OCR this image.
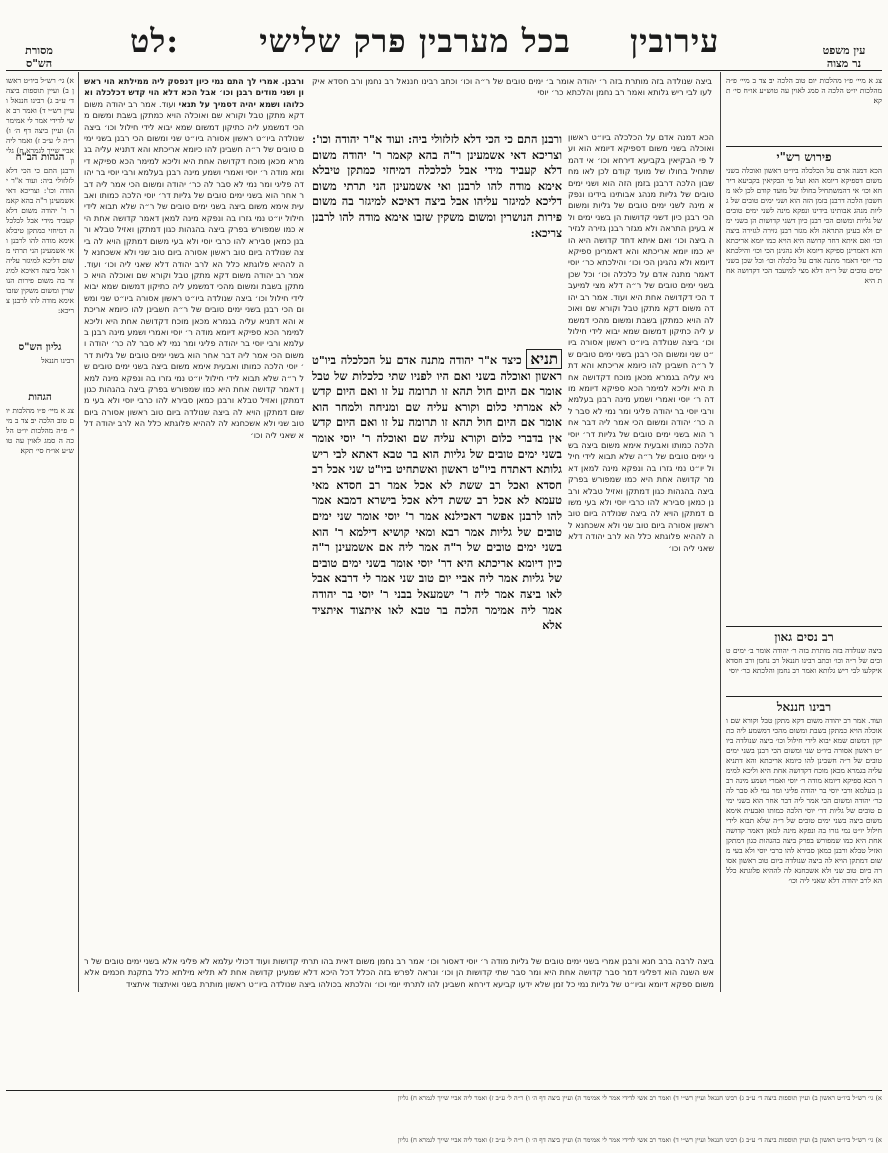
מסורת
הש"ס
לט:	בכל מערבין פרק שלישי	עירובין	עין משפט
נר מצוה
א) גי׳ רש״ל ביו״ט ראשון ב) ועיין תוספות ביצה ד׳ ע״ב ג) רבינו חננאל ועיין רש״י ד) ואמר רב אשי לדידי אמר לי אמימר ה) ועיין ביצה דף ה׳ ו) ר״ה ל׳ ע״ב ז) ואמר ליה אביי שייך לגמרא ח) גליון
הגהות הב"ח
ורבנן התם כי הכי דלא לזלזולי ביה: ועוד א"ר יהודה וכו': וצריכא דאי אשמעינן ר"ה בהא קאמר ר' יהודה משום דלא קעביד מידי אבל לכלכלה דמיחזי כמתקן טיבלא אימא מודה להו לרבנן ואי אשמעינן הני תרתי משום דליכא למיגזר עליהו אבל ביצה דאיכא למיגזר בה משום פירות הנושרין ומשום משקין שזבו אימא מודה להו לרבנן צריכא:
גליון הש"ס
רבינו חננאל
הגהות
צג א מיי׳ פ״ו מהלכות יום טוב הלכה יב׃ צד ב מיי׳ פ״ה מהלכות יו״ט הלכה ה סמג לאוין עה טוש״ע או״ח סי׳ תקא׃
ורבנן. אמרי לך התם נמי כיון דנפסק ליה ממילתא הוי ראשון ושני מודים רבנן וכו׳ אבל הכא דלא הוי קדש דכלכלה ואכלוהו ושמא יהיה דסמיך על תנאי ועוד. אמר רב יהודה משום דקא מתקן טבל וקורא שם ואוכלה הויא כמתקן בשבת ומשום מהכי דמשמע ליה כתיקון דמשום שמא יבוא לידי חילול וכו׳ ביצה שנולדה ביו״ט ראשון אסורה ביו״ט שני ומשום הכי רבנן בשני ימים טובים של ר״ה חשבינן להו כיומא אריכתא והא דתניא עליה בגמרא מכאן מוכח דקדושה אחת היא וליכא למימר הכא ספיקא דיומא מודה ר׳ יוסי ואמרי ושמע מינה רבנן בעלמא ורבי יוסי בר יהודה פליגי ומר נמי לא סבר לה כר׳ יהודה ומשום הכי אמר ליה דבר אחר הוא בשני ימים טובים של גליות דר׳ יוסי הלכה כמותו ואבעית אימא משום ביצה בשני ימים טובים של ר״ה שלא תבוא לידי חילול יו״ט נמי גזרו בה ונפקא מינה למאן דאמר קדושה אחת היא כמו שמפורש בפרק ביצה בהגהות כגון דמתקן ואזיל טבלא ורבנן כמאן סבירא להו כרבי יוסי ולא בעי משום דמתקן הויא לה ביצה שנולדה ביום טוב ראשון אסורה ביום טוב שני ולא אשכחנא לה לההיא פלוגתא כלל הא לרב יהודה דלא שאני ליה וכו׳ ועוד. אמר רב יהודה משום דקא מתקן טבל וקורא שם ואוכלה הויא כמתקן בשבת ומשום מהכי דמשמע ליה כתיקון דמשום שמא יבוא לידי חילול וכו׳ ביצה שנולדה ביו״ט ראשון אסורה ביו״ט שני ומשום הכי רבנן בשני ימים טובים של ר״ה חשבינן להו כיומא אריכתא והא דתניא עליה בגמרא מכאן מוכח דקדושה אחת היא וליכא למימר הכא ספיקא דיומא מודה ר׳ יוסי ואמרי ושמע מינה רבנן בעלמא ורבי יוסי בר יהודה פליגי ומר נמי לא סבר לה כר׳ יהודה ומשום הכי אמר ליה דבר אחר הוא בשני ימים טובים של גליות דר׳ יוסי הלכה כמותו ואבעית אימא משום ביצה בשני ימים טובים של ר״ה שלא תבוא לידי חילול יו״ט נמי גזרו בה ונפקא מינה למאן דאמר קדושה אחת היא כמו שמפורש בפרק ביצה בהגהות כגון דמתקן ואזיל טבלא ורבנן כמאן סבירא להו כרבי יוסי ולא בעי משום דמתקן הויא לה ביצה שנולדה ביום טוב ראשון אסורה ביום טוב שני ולא אשכחנא לה לההיא פלוגתא כלל הא לרב יהודה דלא שאני ליה וכו׳
ביצה שנולדה בזה מותרת בזה ר׳ יהודה אומר ב׳ ימים טובים של ר״ה וכו׳ וכתב רבינו חננאל רב נחמן ורב חסדא איקלעו לבי ריש גלותא ואמר רב נחמן והלכתא כר׳ יוסי
ורבנן התם כי הכי דלא לזלזולי ביה: ועוד א"ר יהודה וכו': וצריכא דאי אשמעינן ר"ה בהא קאמר ר' יהודה משום דלא קעביד מידי אבל לכלכלה דמיחזי כמתקן טיבלא אימא מודה להו לרבנן ואי אשמעינן הני תרתי משום דליכא למיגזר עליהו אבל ביצה דאיכא למיגזר בה משום פירות הנושרין ומשום משקין שזבו אימא מודה להו לרבנן צריכא:
תניא כיצד א"ר יהודה מתנה אדם על הכלכלה ביו"ט ראשון ואוכלה בשני ואם היו לפניו שתי כלכלות של טבל אומר אם היום חול תהא זו תרומה על זו ואם היום קדש לא אמרתי כלום וקורא עליה שם ומניחה ולמחר הוא אומר אם היום חול תהא זו תרומה על זו ואם היום קדש אין בדברי כלום וקורא עליה שם ואוכלה ר' יוסי אומר בשני ימים טובים של גליות הוא בר טבא דאתא לבי ריש גלותא דאתדח ביו"ט ראשון ואשתחיט ביו"ט שני אכל רב חסדא ואכל רב ששת לא אכל אמר רב חסדא מאי טעמא לא אכל רב ששת דלא אכל בישרא דמבא אמר להו לרבנן אפשר דאכילנא אמר ר' יוסי אומר שני ימים טובים של גליות אמר רבא ומאי קושיא דילמא ר' הוא בשני ימים טובים של ר"ה אמר ליה אם אשמעינן ר"ה כיון דיומא אריכתא היא דר' יוסי אומר בשני ימים טובים של גליות אמר ליה אביי יום טוב שני אמר לי דרבא אבל לאו ביצה אמר ליה ר' ישמעאל בבני ר' יוסי בר יהודה אמר ליה אמימר הלכה בר טבא לאו איתצוד איתציד אלא
הכא דמנה אדם על הכלכלה ביו״ט ראשון ואוכלה בשני משום דספיקא דיומא הוא ועל פי הבקיאין בקביעא דירחא וכו׳ אי דהמשתחיל בחולו של מועד קודם לכן לאו מחשבון הלכה דרבנן בזמן הזה הוא ושני ימים טובים של גליות מנהג אבותינו בידינו ונפקא מינה לשני ימים טובים של גליות ומשום הכי רבנן כיון דשני קדושות הן בשני ימים ולא בעינן התראה ולא מגזר רבנן גזירה לגזירה ביצה וכו׳ ואם איתא דחד קדושה היא הויא כמו יומא אריכתא והא דאמרינן ספיקא דיומא ולא נהגינן הכי וכו׳ והילכתא כר׳ יוסי דאמר מתנה אדם על כלכלה וכו׳ וכל שכן בשני ימים טובים של ר״ה דלא מצי למיעבד הכי דקדושה אחת היא ועוד. אמר רב יהודה משום דקא מתקן טבל וקורא שם ואוכלה הויא כמתקן בשבת ומשום מהכי דמשמע ליה כתיקון דמשום שמא יבוא לידי חילול וכו׳ ביצה שנולדה ביו״ט ראשון אסורה ביו״ט שני ומשום הכי רבנן בשני ימים טובים של ר״ה חשבינן להו כיומא אריכתא והא דתניא עליה בגמרא מכאן מוכח דקדושה אחת היא וליכא למימר הכא ספיקא דיומא מודה ר׳ יוסי ואמרי ושמע מינה רבנן בעלמא ורבי יוסי בר יהודה פליגי ומר נמי לא סבר לה כר׳ יהודה ומשום הכי אמר ליה דבר אחר הוא בשני ימים טובים של גליות דר׳ יוסי הלכה כמותו ואבעית אימא משום ביצה בשני ימים טובים של ר״ה שלא תבוא לידי חילול יו״ט נמי גזרו בה ונפקא מינה למאן דאמר קדושה אחת היא כמו שמפורש בפרק ביצה בהגהות כגון דמתקן ואזיל טבלא ורבנן כמאן סבירא להו כרבי יוסי ולא בעי משום דמתקן הויא לה ביצה שנולדה ביום טוב ראשון אסורה ביום טוב שני ולא אשכחנא לה לההיא פלוגתא כלל הא לרב יהודה דלא שאני ליה וכו׳
צג א מיי׳ פ״ו מהלכות יום טוב הלכה יב׃ צד ב מיי׳ פ״ה מהלכות יו״ט הלכה ה סמג לאוין עה טוש״ע או״ח סי׳ תקא׃
פירוש רש"י
הכא דמנה אדם על הכלכלה ביו״ט ראשון ואוכלה בשני משום דספיקא דיומא הוא ועל פי הבקיאין בקביעא דירחא וכו׳ אי דהמשתחיל בחולו של מועד קודם לכן לאו מחשבון הלכה דרבנן בזמן הזה הוא ושני ימים טובים של גליות מנהג אבותינו בידינו ונפקא מינה לשני ימים טובים של גליות ומשום הכי רבנן כיון דשני קדושות הן בשני ימים ולא בעינן התראה ולא מגזר רבנן גזירה לגזירה ביצה וכו׳ ואם איתא דחד קדושה היא הויא כמו יומא אריכתא והא דאמרינן ספיקא דיומא ולא נהגינן הכי וכו׳ והילכתא כר׳ יוסי דאמר מתנה אדם על כלכלה וכו׳ וכל שכן בשני ימים טובים של ר״ה דלא מצי למיעבד הכי דקדושה אחת היא
רב נסים גאון
ביצה שנולדה בזה מותרת בזה ר׳ יהודה אומר ב׳ ימים טובים של ר״ה וכו׳ וכתב רבינו חננאל רב נחמן ורב חסדא איקלעו לבי ריש גלותא ואמר רב נחמן והלכתא כר׳ יוסי
רבינו חננאל
ועוד. אמר רב יהודה משום דקא מתקן טבל וקורא שם ואוכלה הויא כמתקן בשבת ומשום מהכי דמשמע ליה כתיקון דמשום שמא יבוא לידי חילול וכו׳ ביצה שנולדה ביו״ט ראשון אסורה ביו״ט שני ומשום הכי רבנן בשני ימים טובים של ר״ה חשבינן להו כיומא אריכתא והא דתניא עליה בגמרא מכאן מוכח דקדושה אחת היא וליכא למימר הכא ספיקא דיומא מודה ר׳ יוסי ואמרי ושמע מינה רבנן בעלמא ורבי יוסי בר יהודה פליגי ומר נמי לא סבר לה כר׳ יהודה ומשום הכי אמר ליה דבר אחר הוא בשני ימים טובים של גליות דר׳ יוסי הלכה כמותו ואבעית אימא משום ביצה בשני ימים טובים של ר״ה שלא תבוא לידי חילול יו״ט נמי גזרו בה ונפקא מינה למאן דאמר קדושה אחת היא כמו שמפורש בפרק ביצה בהגהות כגון דמתקן ואזיל טבלא ורבנן כמאן סבירא להו כרבי יוסי ולא בעי משום דמתקן הויא לה ביצה שנולדה ביום טוב ראשון אסורה ביום טוב שני ולא אשכחנא לה לההיא פלוגתא כלל הא לרב יהודה דלא שאני ליה וכו׳
ביצה לרבה ברב חנא ורבנן אמרי בשני ימים טובים של גליות מודה ר׳ יוסי דאסור וכו׳ אמר רב נחמן משום דאית בהו תרתי קדושות ועוד דכולי עלמא לא פליגי אלא בשני ימים טובים של ראש השנה הוא דפליגי דמר סבר קדושה אחת היא ומר סבר שתי קדושות הן וכו׳ ונראה לפרש בזה הכלל דכל היכא דלא שמעינן קדושה אחת לא תליא מילתא כלל בתקנת חכמים אלא משום ספקא דיומא וביו״ט של גליות נמי כל זמן שלא ידעו קביעא דירחא חשבינן להו לתרתי יומי וכו׳ והלכתא בכולהו ביצה שנולדה ביו״ט ראשון מותרת בשני ואיתצוד איתציד
א) גי׳ רש״ל ביו״ט ראשון ב) ועיין תוספות ביצה ד׳ ע״ב ג) רבינו חננאל ועיין רש״י ד) ואמר רב אשי לדידי אמר לי אמימר ה) ועיין ביצה דף ה׳ ו) ר״ה ל׳ ע״ב ז) ואמר ליה אביי שייך לגמרא ח) גליון
א) גי׳ רש״ל ביו״ט ראשון ב) ועיין תוספות ביצה ד׳ ע״ב ג) רבינו חננאל ועיין רש״י ד) ואמר רב אשי לדידי אמר לי אמימר ה) ועיין ביצה דף ה׳ ו) ר״ה ל׳ ע״ב ז) ואמר ליה אביי שייך לגמרא ח) גליון
